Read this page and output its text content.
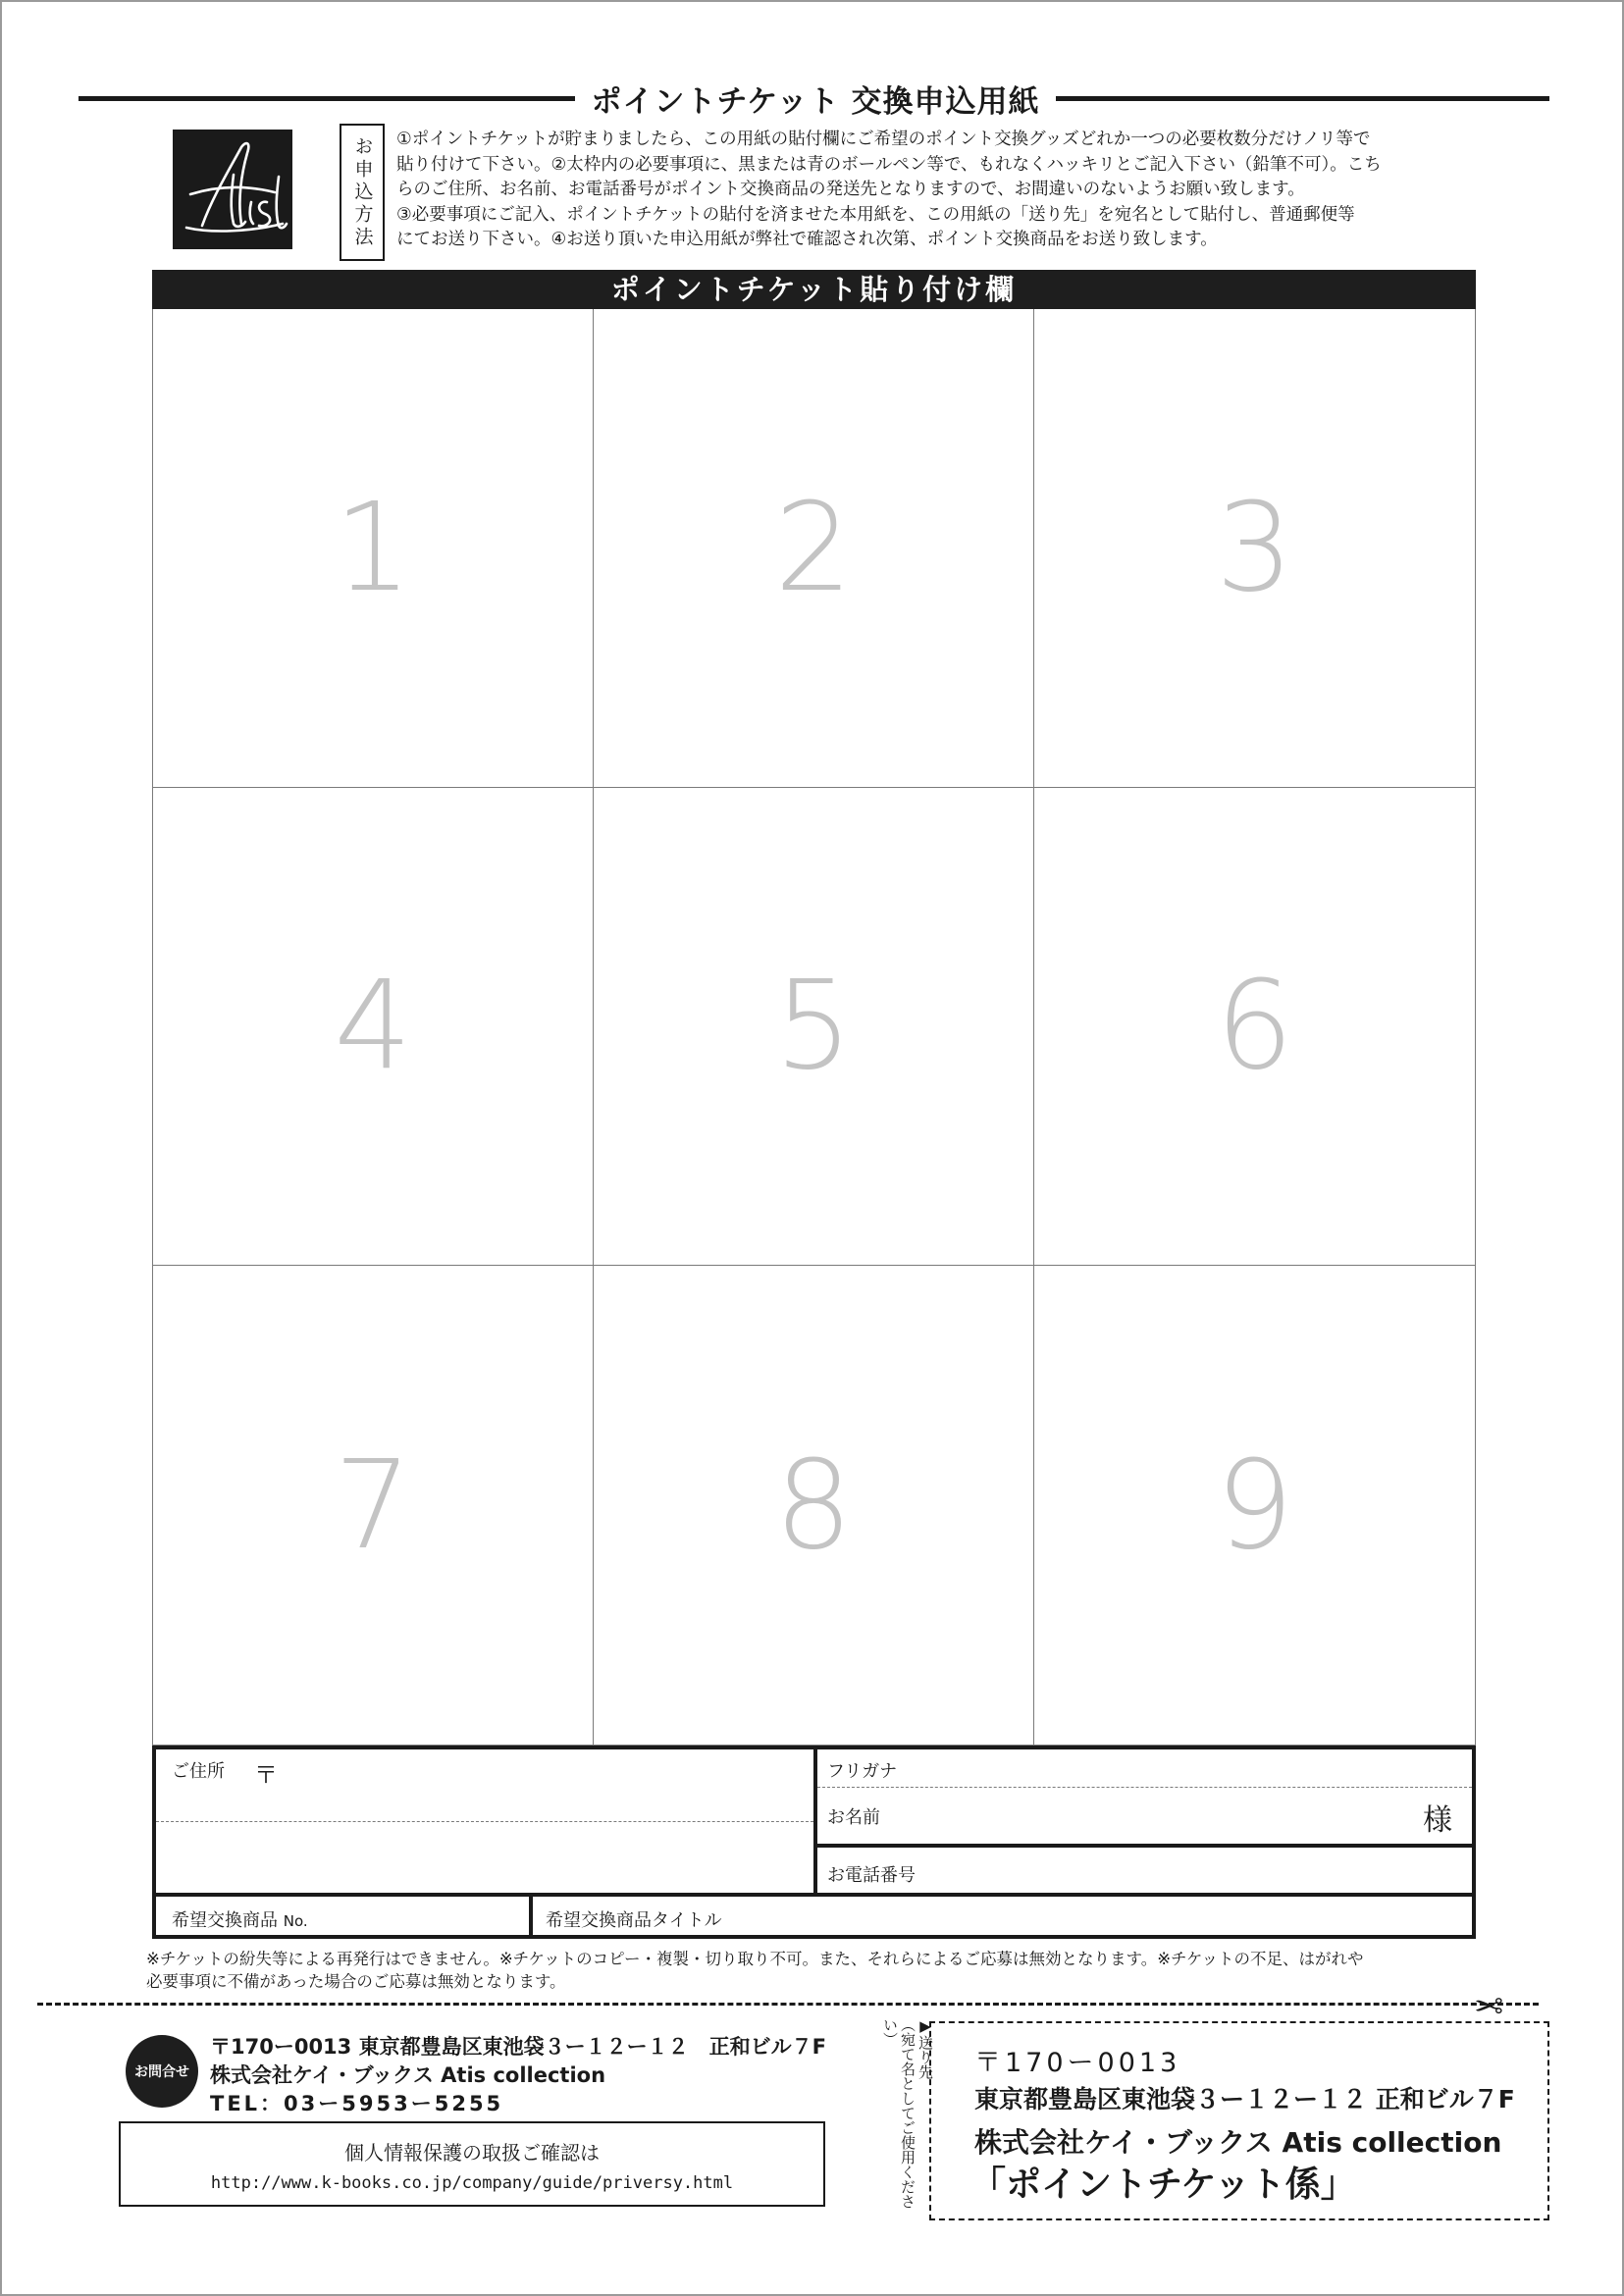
ポイントチケット 交換申込用紙
お申込方法 ①ポイントチケットが貯まりましたら、この用紙の貼付欄にご希望のポイント交換グッズどれか一つの必要枚数分だけノリ等で
貼り付けて下さい。②太枠内の必要事項に、黒または青のボールペン等で、もれなくハッキリとご記入下さい（鉛筆不可）。こち
らのご住所、お名前、お電話番号がポイント交換商品の発送先となりますので、お間違いのないようお願い致します。
③必要事項にご記入、ポイントチケットの貼付を済ませた本用紙を、この用紙の「送り先」を宛名として貼付し、普通郵便等
にてお送り下さい。④お送り頂いた申込用紙が弊社で確認され次第、ポイント交換商品をお送り致します。
ポイントチケット貼り付け欄
1	2	3
4	5	6
7	8	9
ご住所 〒	フリガナ
お名前	様
お電話番号
希望交換商品 No.	希望交換商品タイトル
※チケットの紛失等による再発行はできません。※チケットのコピー・複製・切り取り不可。また、それらによるご応募は無効となります。※チケットの不足、はがれや
必要事項に不備があった場合のご応募は無効となります。
✂
お問合せ
〒170ー0013 東京都豊島区東池袋３ー１２ー１２　正和ビル７F
株式会社ケイ・ブックス Atis collection
TEL：03ー5953ー5255
個人情報保護の取扱ご確認は
http://www.k-books.co.jp/company/guide/priversy.html
▶送り先
（宛て名としてご使用ください）
〒170ー0013
東京都豊島区東池袋３ー１２ー１２ 正和ビル７F
株式会社ケイ・ブックス Atis collection
「ポイントチケット係」
